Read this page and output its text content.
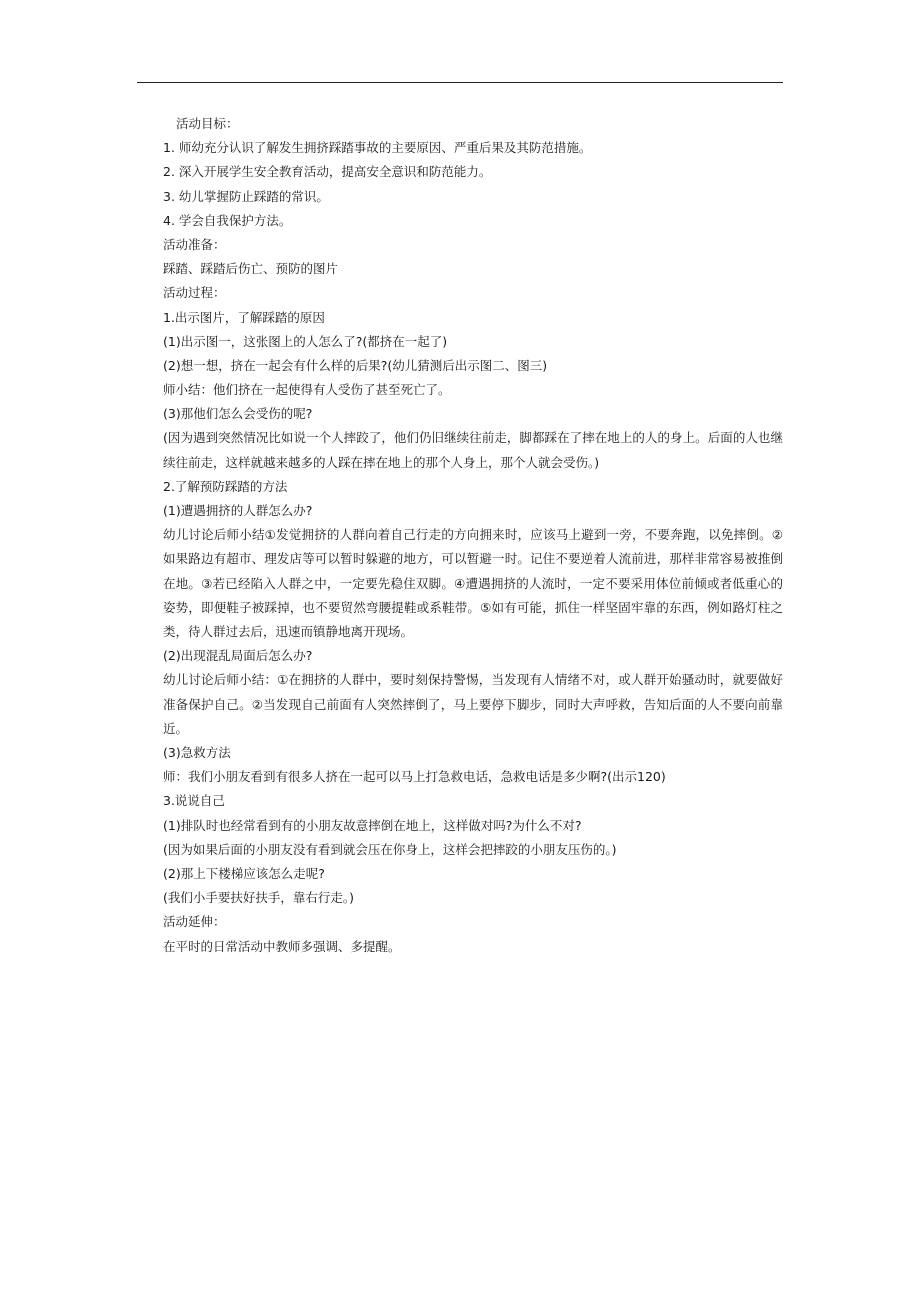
活动目标：
1. 师幼充分认识了解发生拥挤踩踏事故的主要原因、严重后果及其防范措施。
2. 深入开展学生安全教育活动，提高安全意识和防范能力。
3. 幼儿掌握防止踩踏的常识。
4. 学会自我保护方法。
活动准备：
踩踏、踩踏后伤亡、预防的图片
活动过程：
1.出示图片，了解踩踏的原因
(1)出示图一，这张图上的人怎么了?(都挤在一起了)
(2)想一想，挤在一起会有什么样的后果?(幼儿猜测后出示图二、图三)
师小结：他们挤在一起使得有人受伤了甚至死亡了。
(3)那他们怎么会受伤的呢?
(因为遇到突然情况比如说一个人摔跤了，他们仍旧继续往前走，脚都踩在了摔在地上的人的身上。后面的人也继续往前走，这样就越来越多的人踩在摔在地上的那个人身上，那个人就会受伤。)
2.了解预防踩踏的方法
(1)遭遇拥挤的人群怎么办?
幼儿讨论后师小结①发觉拥挤的人群向着自己行走的方向拥来时，应该马上避到一旁，不要奔跑，以免摔倒。②如果路边有超市、理发店等可以暂时躲避的地方，可以暂避一时。记住不要逆着人流前进，那样非常容易被推倒在地。③若已经陷入人群之中，一定要先稳住双脚。④遭遇拥挤的人流时，一定不要采用体位前倾或者低重心的姿势，即便鞋子被踩掉，也不要贸然弯腰提鞋或系鞋带。⑤如有可能，抓住一样坚固牢靠的东西，例如路灯柱之类，待人群过去后，迅速而镇静地离开现场。
(2)出现混乱局面后怎么办?
幼儿讨论后师小结：①在拥挤的人群中，要时刻保持警惕，当发现有人情绪不对，或人群开始骚动时，就要做好准备保护自己。②当发现自己前面有人突然摔倒了，马上要停下脚步，同时大声呼救，告知后面的人不要向前靠近。
(3)急救方法
师：我们小朋友看到有很多人挤在一起可以马上打急救电话，急救电话是多少啊?(出示120)
3.说说自己
(1)排队时也经常看到有的小朋友故意摔倒在地上，这样做对吗?为什么不对?
(因为如果后面的小朋友没有看到就会压在你身上，这样会把摔跤的小朋友压伤的。)
(2)那上下楼梯应该怎么走呢?
(我们小手要扶好扶手，靠右行走。)
活动延伸：
在平时的日常活动中教师多强调、多提醒。
